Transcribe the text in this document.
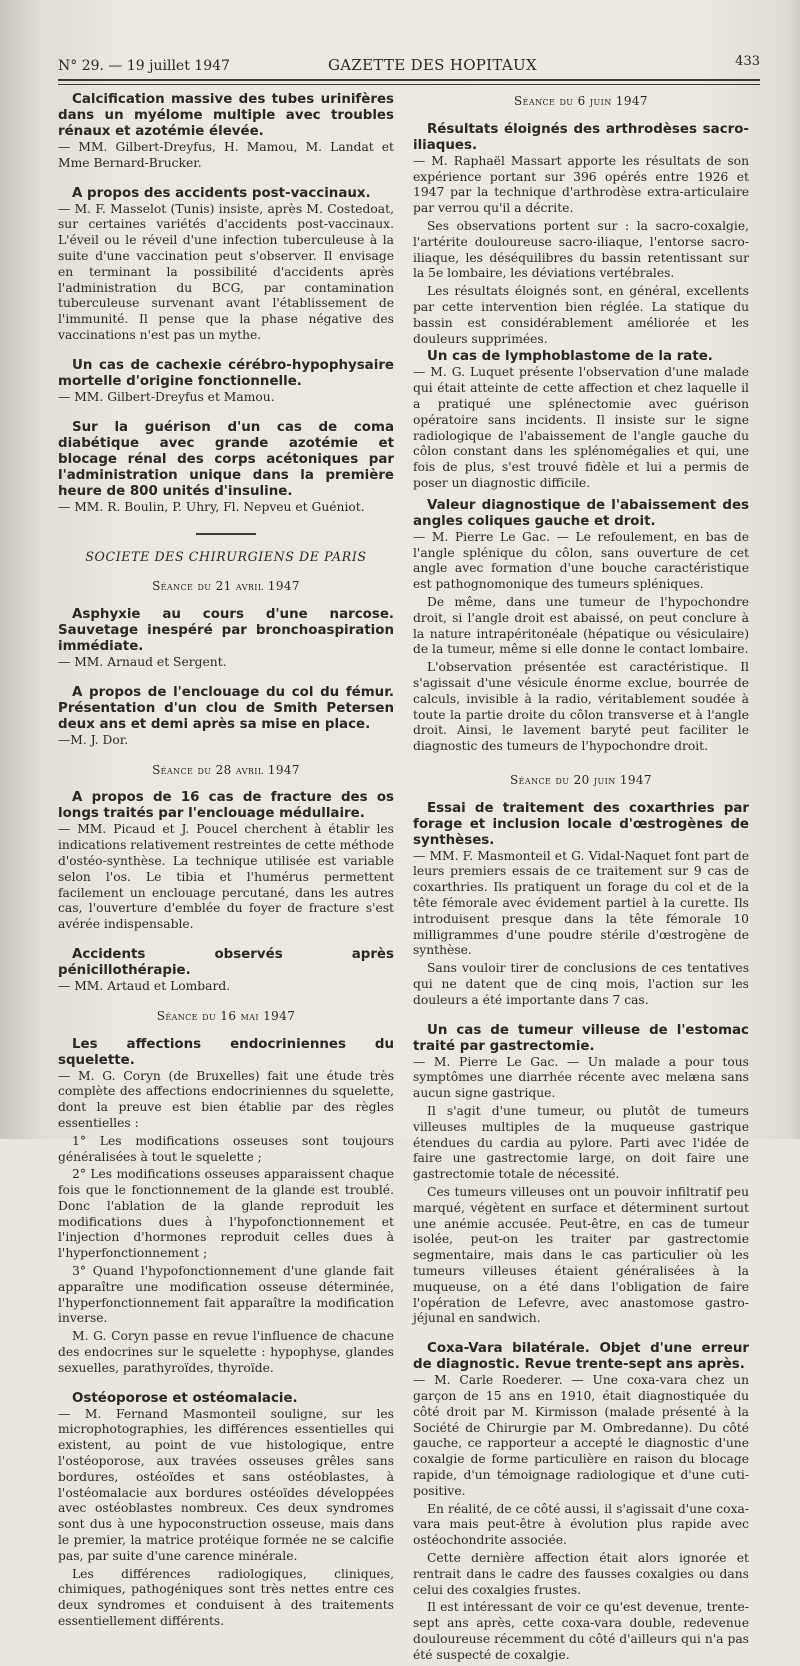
N° 29. — 19 juillet 1947	GAZETTE DES HOPITAUX	433
Calcification massive des tubes urinifères dans un myélome multiple avec troubles rénaux et azotémie élevée.

— MM. Gilbert-Dreyfus, H. Mamou, M. Landat et Mme Bernard-Brucker.

A propos des accidents post-vaccinaux.

— M. F. Masselot (Tunis) insiste, après M. Costedoat, sur certaines variétés d'accidents post-vaccinaux. L'éveil ou le réveil d'une infection tuberculeuse à la suite d'une vaccination peut s'observer. Il envisage en terminant la possibilité d'accidents après l'administration du BCG, par contamination tuberculeuse survenant avant l'établissement de l'immunité. Il pense que la phase négative des vaccinations n'est pas un mythe.

Un cas de cachexie cérébro-hypophysaire mortelle d'origine fonctionnelle.

— MM. Gilbert-Dreyfus et Mamou.

Sur la guérison d'un cas de coma diabétique avec grande azotémie et blocage rénal des corps acétoniques par l'administration unique dans la première heure de 800 unités d'insuline.

— MM. R. Boulin, P. Uhry, Fl. Nepveu et Guéniot.

SOCIETE DES CHIRURGIENS DE PARIS
Séance du 21 avril 1947
Asphyxie au cours d'une narcose. Sauvetage inespéré par bronchoaspiration immédiate.

— MM. Arnaud et Sergent.

A propos de l'enclouage du col du fémur. Présentation d'un clou de Smith Petersen deux ans et demi après sa mise en place.

—M. J. Dor.

Séance du 28 avril 1947
A propos de 16 cas de fracture des os longs traités par l'enclouage médullaire.

— MM. Picaud et J. Poucel cherchent à établir les indications relativement restreintes de cette méthode d'ostéo-synthèse. La technique utilisée est variable selon l'os. Le tibia et l'humérus permettent facilement un enclouage percutané, dans les autres cas, l'ouverture d'emblée du foyer de fracture s'est avérée indispensable.

Accidents observés après pénicillothérapie.

— MM. Artaud et Lombard.

Séance du 16 mai 1947
Les affections endocriniennes du squelette.

— M. G. Coryn (de Bruxelles) fait une étude très complète des affections endocriniennes du squelette, dont la preuve est bien établie par des règles essentielles :

1° Les modifications osseuses sont toujours généralisées à tout le squelette ;

2° Les modifications osseuses apparaissent chaque fois que le fonctionnement de la glande est troublé. Donc l'ablation de la glande reproduit les modifications dues à l'hypofonctionnement et l'injection d'hormones reproduit celles dues à l'hyperfonctionnement ;

3° Quand l'hypofonctionnement d'une glande fait apparaître une modification osseuse déterminée, l'hyperfonctionnement fait apparaître la modification inverse.

M. G. Coryn passe en revue l'influence de chacune des endocrines sur le squelette : hypophyse, glandes sexuelles, parathyroïdes, thyroïde.

Ostéoporose et ostéomalacie.

— M. Fernand Masmonteil souligne, sur les microphotographies, les différences essentielles qui existent, au point de vue histologique, entre l'ostéoporose, aux travées osseuses grêles sans bordures, ostéoïdes et sans ostéoblastes, à l'ostéomalacie aux bordures ostéoïdes développées avec ostéoblastes nombreux. Ces deux syndromes sont dus à une hypoconstruction osseuse, mais dans le premier, la matrice protéique formée ne se calcifie pas, par suite d'une carence minérale.

Les différences radiologiques, cliniques, chimiques, pathogéniques sont très nettes entre ces deux syndromes et conduisent à des traitements essentiellement différents.

Séance du 6 juin 1947
Résultats éloignés des arthrodèses sacro-iliaques.

— M. Raphaël Massart apporte les résultats de son expérience portant sur 396 opérés entre 1926 et 1947 par la technique d'arthrodèse extra-articulaire par verrou qu'il a décrite.

Ses observations portent sur : la sacro-coxalgie, l'artérite douloureuse sacro-iliaque, l'entorse sacro-iliaque, les déséquilibres du bassin retentissant sur la 5e lombaire, les déviations vertébrales.

Les résultats éloignés sont, en général, excellents par cette intervention bien réglée. La statique du bassin est considérablement améliorée et les douleurs supprimées.

Un cas de lymphoblastome de la rate.

— M. G. Luquet présente l'observation d'une malade qui était atteinte de cette affection et chez laquelle il a pratiqué une splénectomie avec guérison opératoire sans incidents. Il insiste sur le signe radiologique de l'abaissement de l'angle gauche du côlon constant dans les splénomégalies et qui, une fois de plus, s'est trouvé fidèle et lui a permis de poser un diagnostic difficile.

Valeur diagnostique de l'abaissement des angles coliques gauche et droit.

— M. Pierre Le Gac. — Le refoulement, en bas de l'angle splénique du côlon, sans ouverture de cet angle avec formation d'une bouche caractéristique est pathognomonique des tumeurs spléniques.

De même, dans une tumeur de l'hypochondre droit, si l'angle droit est abaissé, on peut conclure à la nature intrapéritonéale (hépatique ou vésiculaire) de la tumeur, même si elle donne le contact lombaire.

L'observation présentée est caractéristique. Il s'agissait d'une vésicule énorme exclue, bourrée de calculs, invisible à la radio, véritablement soudée à toute la partie droite du côlon transverse et à l'angle droit. Ainsi, le lavement baryté peut faciliter le diagnostic des tumeurs de l'hypochondre droit.

Séance du 20 juin 1947
Essai de traitement des coxarthries par forage et inclusion locale d'œstrogènes de synthèses.

— MM. F. Masmonteil et G. Vidal-Naquet font part de leurs premiers essais de ce traitement sur 9 cas de coxarthries. Ils pratiquent un forage du col et de la tête fémorale avec évidement partiel à la curette. Ils introduisent presque dans la tête fémorale 10 milligrammes d'une poudre stérile d'œstrogène de synthèse.

Sans vouloir tirer de conclusions de ces tentatives qui ne datent que de cinq mois, l'action sur les douleurs a été importante dans 7 cas.

Un cas de tumeur villeuse de l'estomac traité par gastrectomie.

— M. Pierre Le Gac. — Un malade a pour tous symptômes une diarrhée récente avec melæna sans aucun signe gastrique.

Il s'agit d'une tumeur, ou plutôt de tumeurs villeuses multiples de la muqueuse gastrique étendues du cardia au pylore. Parti avec l'idée de faire une gastrectomie large, on doit faire une gastrectomie totale de nécessité.

Ces tumeurs villeuses ont un pouvoir infiltratif peu marqué, végètent en surface et déterminent surtout une anémie accusée. Peut-être, en cas de tumeur isolée, peut-on les traiter par gastrectomie segmentaire, mais dans le cas particulier où les tumeurs villeuses étaient généralisées à la muqueuse, on a été dans l'obligation de faire l'opération de Lefevre, avec anastomose gastro-jéjunal en sandwich.

Coxa-Vara bilatérale. Objet d'une erreur de diagnostic. Revue trente-sept ans après.

— M. Carle Roederer. — Une coxa-vara chez un garçon de 15 ans en 1910, était diagnostiquée du côté droit par M. Kirmisson (malade présenté à la Société de Chirurgie par M. Ombredanne). Du côté gauche, ce rapporteur a accepté le diagnostic d'une coxalgie de forme particulière en raison du blocage rapide, d'un témoignage radiologique et d'une cuti-positive.

En réalité, de ce côté aussi, il s'agissait d'une coxa-vara mais peut-être à évolution plus rapide avec ostéochondrite associée.

Cette dernière affection était alors ignorée et rentrait dans le cadre des fausses coxalgies ou dans celui des coxalgies frustes.

Il est intéressant de voir ce qu'est devenue, trente-sept ans après, cette coxa-vara double, redevenue douloureuse récemment du côté d'ailleurs qui n'a pas été suspecté de coxalgie.
